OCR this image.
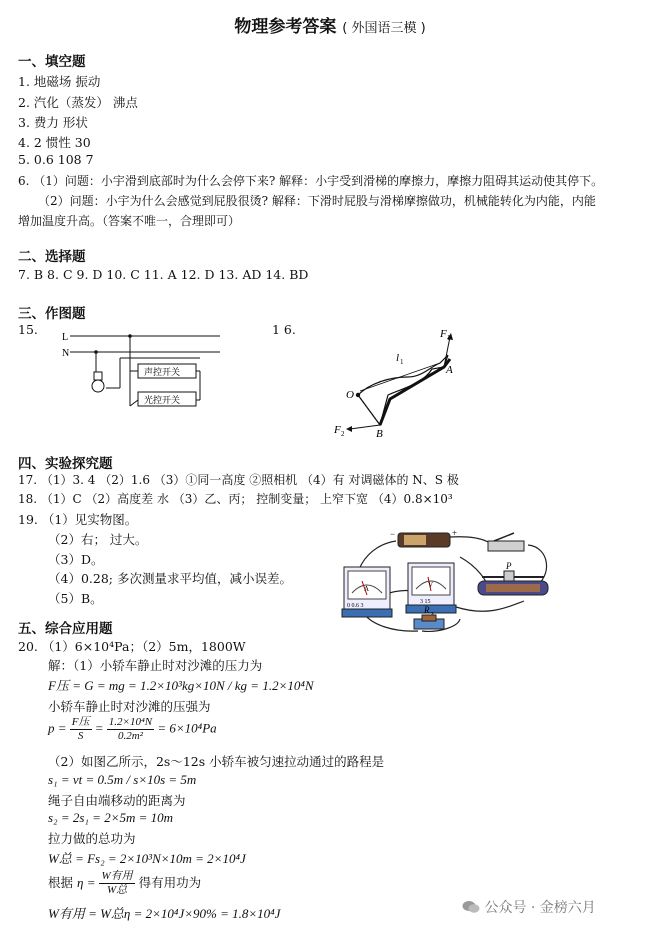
物理参考答案 ( 外国语三模 )
一、填空题
1. 地磁场 振动
2. 汽化（蒸发） 沸点
3. 费力 形状
4. 2 惯性 30
5. 0.6 108 7
6. （1）问题：小宇滑到底部时为什么会停下来? 解释：小宇受到滑梯的摩擦力，摩擦力阻碍其运动使其停下。
（2）问题：小宇为什么会感觉到屁股很烫? 解释：下滑时屁股与滑梯摩擦做功，机械能转化为内能，内能
增加温度升高。（答案不唯一，合理即可）
二、选择题
7. B 8. C 9. D 10. C 11. A 12. D 13. AD 14. BD
三、作图题
15.	1 6.
L
N
声控开关
光控开关
F 1
F 2
l 1
O
A
B
四、实验探究题
17. （1）3. 4 （2）1.6 （3）①同一高度 ②照相机 （4）有 对调磁体的 N、S 极
18. （1）C （2）高度差 水 （3）乙、丙； 控制变量； 上窄下宽 （4）0.8×10³
19. （1）见实物图。
（2）右； 过大。
（3）D。
（4）0.28; 多次测量求平均值，减小误差。
（5）B。
−	+
A
0 0.6 3
V
3 15
P
R x
五、综合应用题
20. （1）6×10⁴Pa；（2）5m，1800W
解：（1）小轿车静止时对沙滩的压力为
F压 = G = mg = 1.2×10³kg×10N / kg = 1.2×10⁴N
小轿车静止时对沙滩的压强为
$p = \frac{\text{F压}}{S} = \frac{\text{1.2×10⁴N}}{\text{0.2m²}} = 6\times 10^4Pa$
（2）如图乙所示，2s～12s 小轿车被匀速拉动通过的路程是
s₁ = vt = 0.5m / s×10s = 5m
绳子自由端移动的距离为
s₂ = 2s₁ = 2×5m = 10m
拉力做的总功为
W总 = Fs₂ = 2×10³N×10m = 2×10⁴J
根据 $\eta = \frac{\text{W有用}}{\text{W总}}$ 得有用功为
W有用 = W总η = 2×10⁴J×90% = 1.8×10⁴J	公众号 · 金榜六月
